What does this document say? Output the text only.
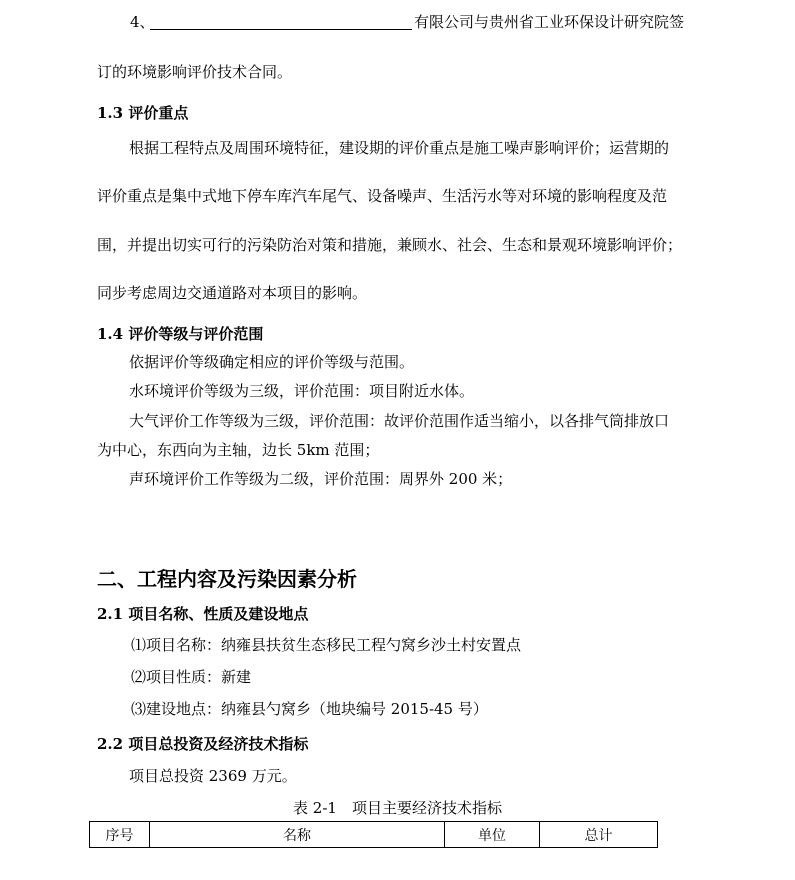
4、	有限公司与贵州省工业环保设计研究院签
订的环境影响评价技术合同。
1.3 评价重点
根据工程特点及周围环境特征，建设期的评价重点是施工噪声影响评价；运营期的
评价重点是集中式地下停车库汽车尾气、设备噪声、生活污水等对环境的影响程度及范
围，并提出切实可行的污染防治对策和措施，兼顾水、社会、生态和景观环境影响评价；
同步考虑周边交通道路对本项目的影响。
1.4 评价等级与评价范围
依据评价等级确定相应的评价等级与范围。
水环境评价等级为三级，评价范围：项目附近水体。
大气评价工作等级为三级，评价范围：故评价范围作适当缩小，以各排气筒排放口
为中心，东西向为主轴，边长 5km 范围；
声环境评价工作等级为二级，评价范围：周界外 200 米；
二、工程内容及污染因素分析
2.1 项目名称、性质及建设地点
⑴项目名称：纳雍县扶贫生态移民工程勺窝乡沙土村安置点
⑵项目性质：新建
⑶建设地点：纳雍县勺窝乡（地块编号 2015-45 号）
2.2 项目总投资及经济技术指标
项目总投资 2369 万元。
表 2-1　项目主要经济技术指标
序号	名称	单位	总计
